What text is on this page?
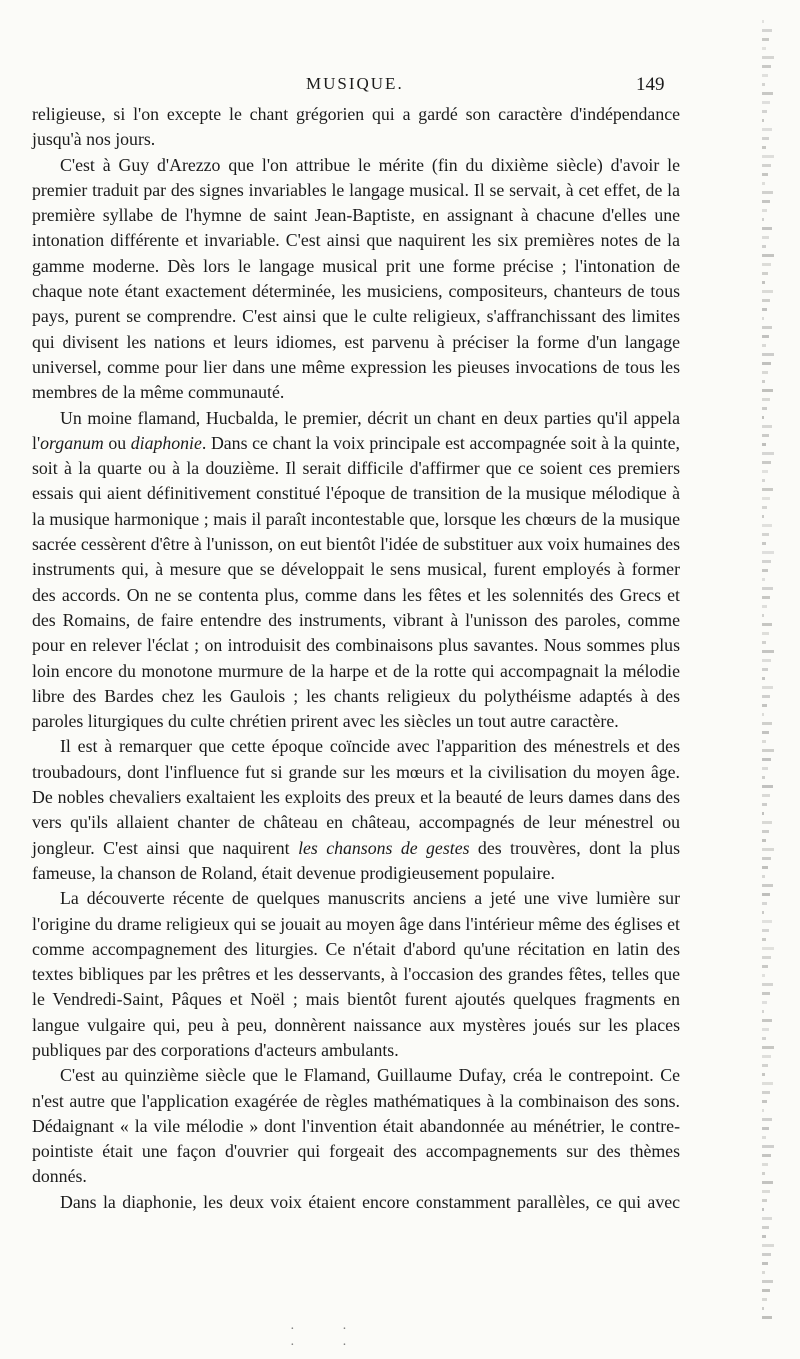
MUSIQUE.	149

religieuse, si l'on excepte le chant grégorien qui a gardé son caractère d'indépendance jusqu'à nos jours.

C'est à Guy d'Arezzo que l'on attribue le mérite (fin du dixième siècle) d'avoir le premier traduit par des signes invariables le langage musical. Il se servait, à cet effet, de la première syllabe de l'hymne de saint Jean-Baptiste, en assignant à chacune d'elles une intonation différente et invariable. C'est ainsi que naquirent les six premières notes de la gamme moderne. Dès lors le langage musical prit une forme précise ; l'intonation de chaque note étant exactement déterminée, les musiciens, compositeurs, chanteurs de tous pays, purent se comprendre. C'est ainsi que le culte religieux, s'affranchissant des limites qui divisent les nations et leurs idiomes, est parvenu à préciser la forme d'un langage universel, comme pour lier dans une même expression les pieuses invocations de tous les membres de la même communauté.

Un moine flamand, Hucbalda, le premier, décrit un chant en deux parties qu'il appela l'organum ou diaphonie. Dans ce chant la voix principale est accompagnée soit à la quinte, soit à la quarte ou à la douzième. Il serait difficile d'affirmer que ce soient ces premiers essais qui aient définitivement constitué l'époque de transition de la musique mélodique à la musique harmonique ; mais il paraît incontestable que, lorsque les chœurs de la musique sacrée cessèrent d'être à l'unisson, on eut bientôt l'idée de substituer aux voix humaines des instruments qui, à mesure que se développait le sens musical, furent employés à former des accords. On ne se contenta plus, comme dans les fêtes et les solennités des Grecs et des Romains, de faire entendre des instruments, vibrant à l'unisson des paroles, comme pour en relever l'éclat ; on introduisit des combinaisons plus savantes. Nous sommes plus loin encore du monotone murmure de la harpe et de la rotte qui accompagnait la mélodie libre des Bardes chez les Gaulois ; les chants religieux du polythéisme adaptés à des paroles liturgiques du culte chrétien prirent avec les siècles un tout autre caractère.

Il est à remarquer que cette époque coïncide avec l'apparition des ménestrels et des troubadours, dont l'influence fut si grande sur les mœurs et la civilisation du moyen âge. De nobles chevaliers exaltaient les exploits des preux et la beauté de leurs dames dans des vers qu'ils allaient chanter de château en château, accompagnés de leur ménestrel ou jongleur. C'est ainsi que naquirent les chansons de gestes des trouvères, dont la plus fameuse, la chanson de Roland, était devenue prodigieusement populaire.

La découverte récente de quelques manuscrits anciens a jeté une vive lumière sur l'origine du drame religieux qui se jouait au moyen âge dans l'intérieur même des églises et comme accompagnement des liturgies. Ce n'était d'abord qu'une récitation en latin des textes bibliques par les prêtres et les desservants, à l'occasion des grandes fêtes, telles que le Vendredi-Saint, Pâques et Noël ; mais bientôt furent ajoutés quelques fragments en langue vulgaire qui, peu à peu, donnèrent naissance aux mystères joués sur les places publiques par des corporations d'acteurs ambulants.

C'est au quinzième siècle que le Flamand, Guillaume Dufay, créa le contrepoint. Ce n'est autre que l'application exagérée de règles mathématiques à la combinaison des sons. Dédaignant « la vile mélodie » dont l'invention était abandonnée au ménétrier, le contre-pointiste était une façon d'ouvrier qui forgeait des accompagnements sur des thèmes donnés.

Dans la diaphonie, les deux voix étaient encore constamment parallèles, ce qui avec

· · · ·
